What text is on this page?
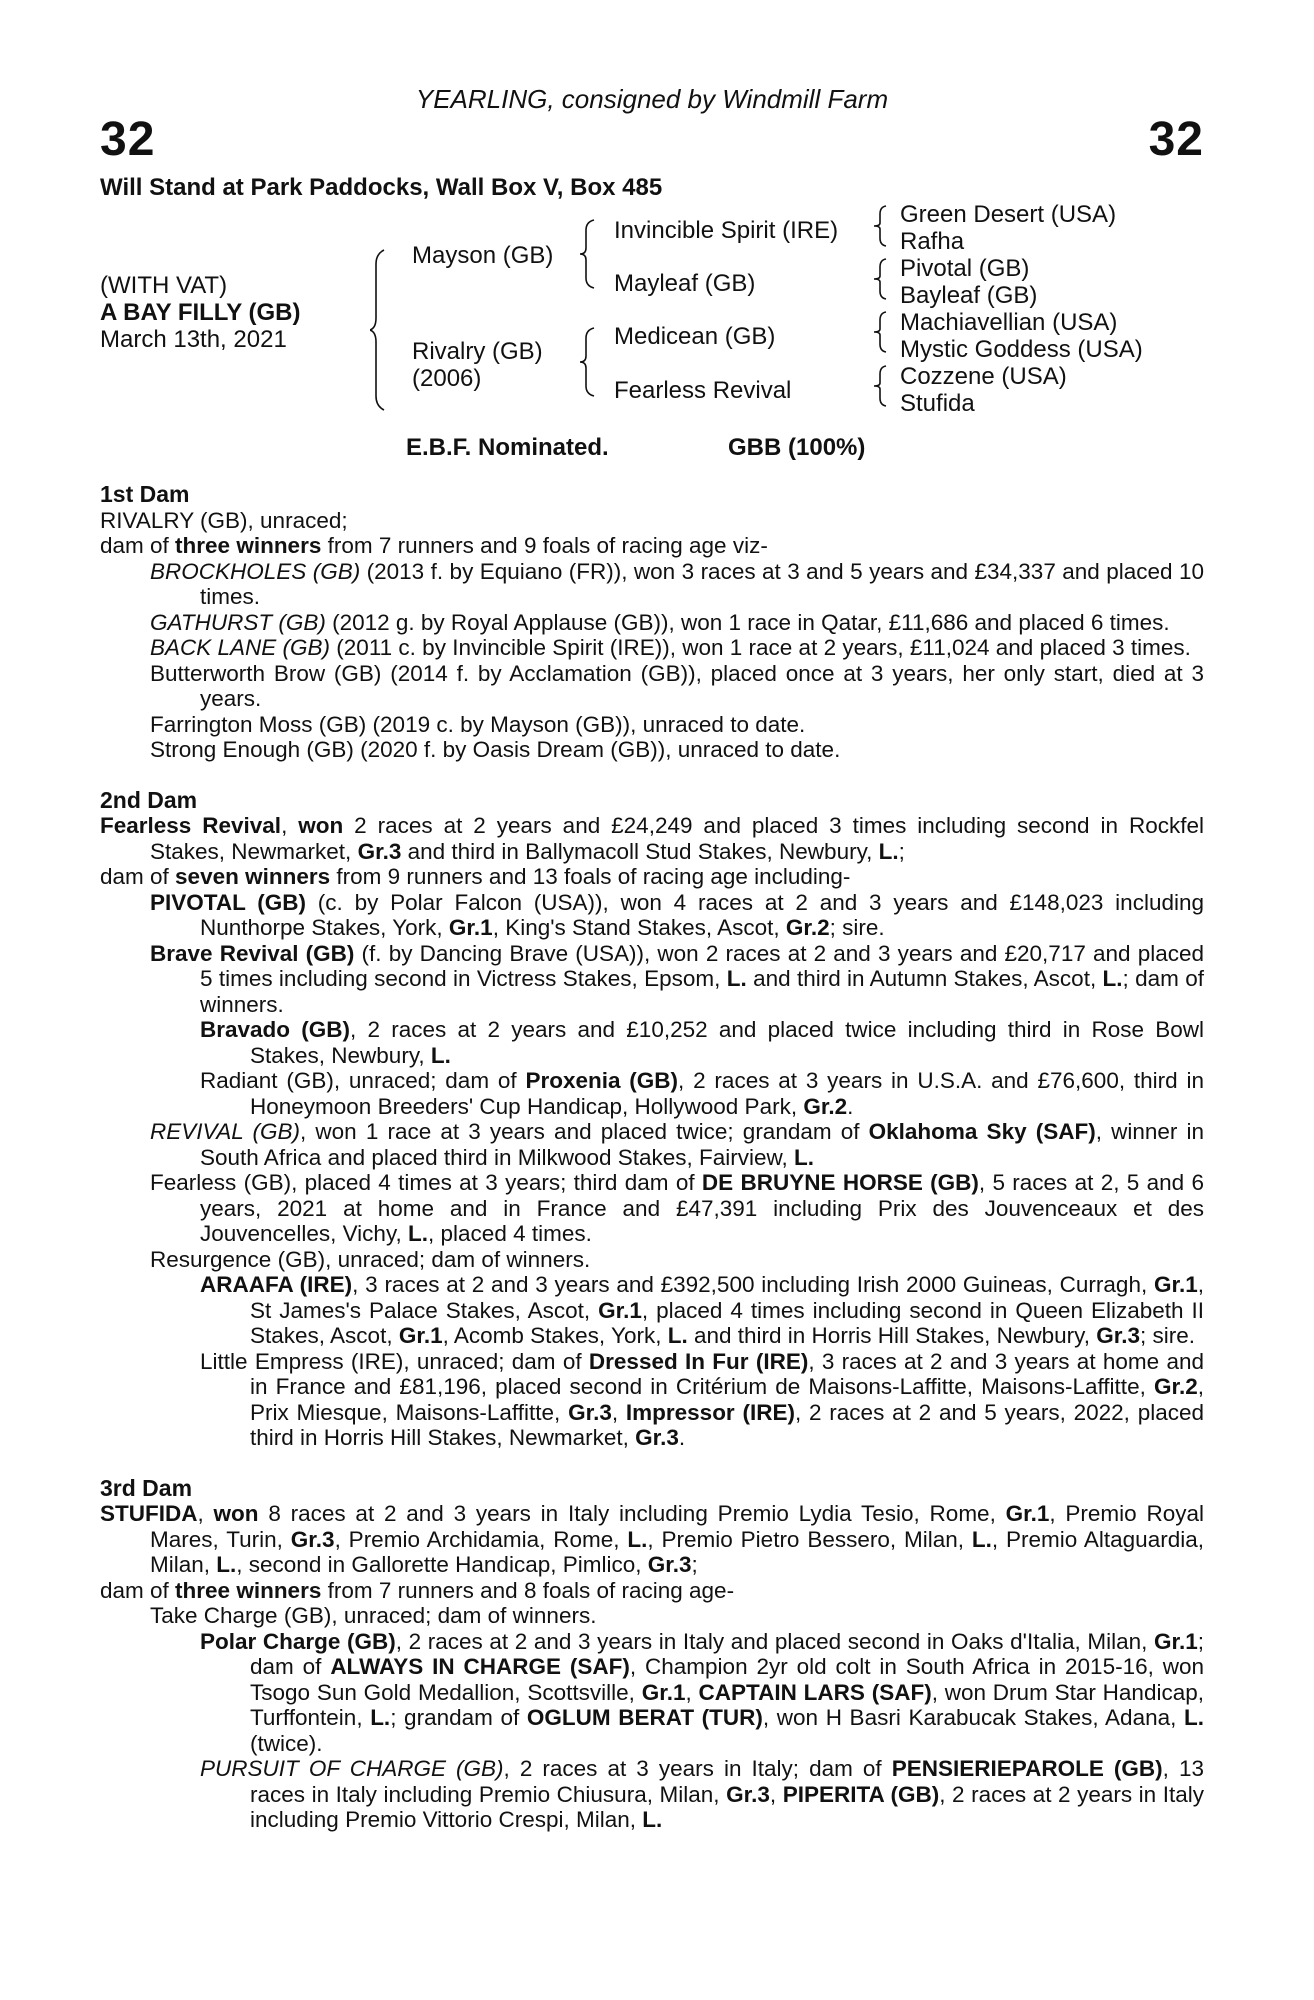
YEARLING, consigned by Windmill Farm
32	32
Will Stand at Park Paddocks, Wall Box V, Box 485
(WITH VAT)
A BAY FILLY (GB)
March 13th, 2021
Mayson (GB)
Rivalry (GB)
(2006)
Invincible Spirit (IRE)
Mayleaf (GB)
Medicean (GB)
Fearless Revival
Green Desert (USA)
Rafha
Pivotal (GB)
Bayleaf (GB)
Machiavellian (USA)
Mystic Goddess (USA)
Cozzene (USA)
Stufida
E.B.F. Nominated.	GBB (100%)
1st Dam

RIVALRY (GB), unraced;

dam of three winners from 7 runners and 9 foals of racing age viz-

BROCKHOLES (GB) (2013 f. by Equiano (FR)), won 3 races at 3 and 5 years and £34,337 and placed 10 times.

GATHURST (GB) (2012 g. by Royal Applause (GB)), won 1 race in Qatar, £11,686 and placed 6 times.

BACK LANE (GB) (2011 c. by Invincible Spirit (IRE)), won 1 race at 2 years, £11,024 and placed 3 times.

Butterworth Brow (GB) (2014 f. by Acclamation (GB)), placed once at 3 years, her only start, died at 3 years.

Farrington Moss (GB) (2019 c. by Mayson (GB)), unraced to date.

Strong Enough (GB) (2020 f. by Oasis Dream (GB)), unraced to date.

2nd Dam

Fearless Revival, won 2 races at 2 years and £24,249 and placed 3 times including second in Rockfel Stakes, Newmarket, Gr.3 and third in Ballymacoll Stud Stakes, Newbury, L.;

dam of seven winners from 9 runners and 13 foals of racing age including-

PIVOTAL (GB) (c. by Polar Falcon (USA)), won 4 races at 2 and 3 years and £148,023 including Nunthorpe Stakes, York, Gr.1, King's Stand Stakes, Ascot, Gr.2; sire.

Brave Revival (GB) (f. by Dancing Brave (USA)), won 2 races at 2 and 3 years and £20,717 and placed 5 times including second in Victress Stakes, Epsom, L. and third in Autumn Stakes, Ascot, L.; dam of winners.

Bravado (GB), 2 races at 2 years and £10,252 and placed twice including third in Rose Bowl Stakes, Newbury, L.

Radiant (GB), unraced; dam of Proxenia (GB), 2 races at 3 years in U.S.A. and £76,600, third in Honeymoon Breeders' Cup Handicap, Hollywood Park, Gr.2.

REVIVAL (GB), won 1 race at 3 years and placed twice; grandam of Oklahoma Sky (SAF), winner in South Africa and placed third in Milkwood Stakes, Fairview, L.

Fearless (GB), placed 4 times at 3 years; third dam of DE BRUYNE HORSE (GB), 5 races at 2, 5 and 6 years, 2021 at home and in France and £47,391 including Prix des Jouvenceaux et des Jouvencelles, Vichy, L., placed 4 times.

Resurgence (GB), unraced; dam of winners.

ARAAFA (IRE), 3 races at 2 and 3 years and £392,500 including Irish 2000 Guineas, Curragh, Gr.1, St James's Palace Stakes, Ascot, Gr.1, placed 4 times including second in Queen Elizabeth II Stakes, Ascot, Gr.1, Acomb Stakes, York, L. and third in Horris Hill Stakes, Newbury, Gr.3; sire.

Little Empress (IRE), unraced; dam of Dressed In Fur (IRE), 3 races at 2 and 3 years at home and in France and £81,196, placed second in Critérium de Maisons-Laffitte, Maisons-Laffitte, Gr.2, Prix Miesque, Maisons-Laffitte, Gr.3, Impressor (IRE), 2 races at 2 and 5 years, 2022, placed third in Horris Hill Stakes, Newmarket, Gr.3.

3rd Dam

STUFIDA, won 8 races at 2 and 3 years in Italy including Premio Lydia Tesio, Rome, Gr.1, Premio Royal Mares, Turin, Gr.3, Premio Archidamia, Rome, L., Premio Pietro Bessero, Milan, L., Premio Altaguardia, Milan, L., second in Gallorette Handicap, Pimlico, Gr.3;

dam of three winners from 7 runners and 8 foals of racing age-

Take Charge (GB), unraced; dam of winners.

Polar Charge (GB), 2 races at 2 and 3 years in Italy and placed second in Oaks d'Italia, Milan, Gr.1; dam of ALWAYS IN CHARGE (SAF), Champion 2yr old colt in South Africa in 2015-16, won Tsogo Sun Gold Medallion, Scottsville, Gr.1, CAPTAIN LARS (SAF), won Drum Star Handicap, Turffontein, L.; grandam of OGLUM BERAT (TUR), won H Basri Karabucak Stakes, Adana, L. (twice).

PURSUIT OF CHARGE (GB), 2 races at 3 years in Italy; dam of PENSIERIEPAROLE (GB), 13 races in Italy including Premio Chiusura, Milan, Gr.3, PIPERITA (GB), 2 races at 2 years in Italy including Premio Vittorio Crespi, Milan, L.
